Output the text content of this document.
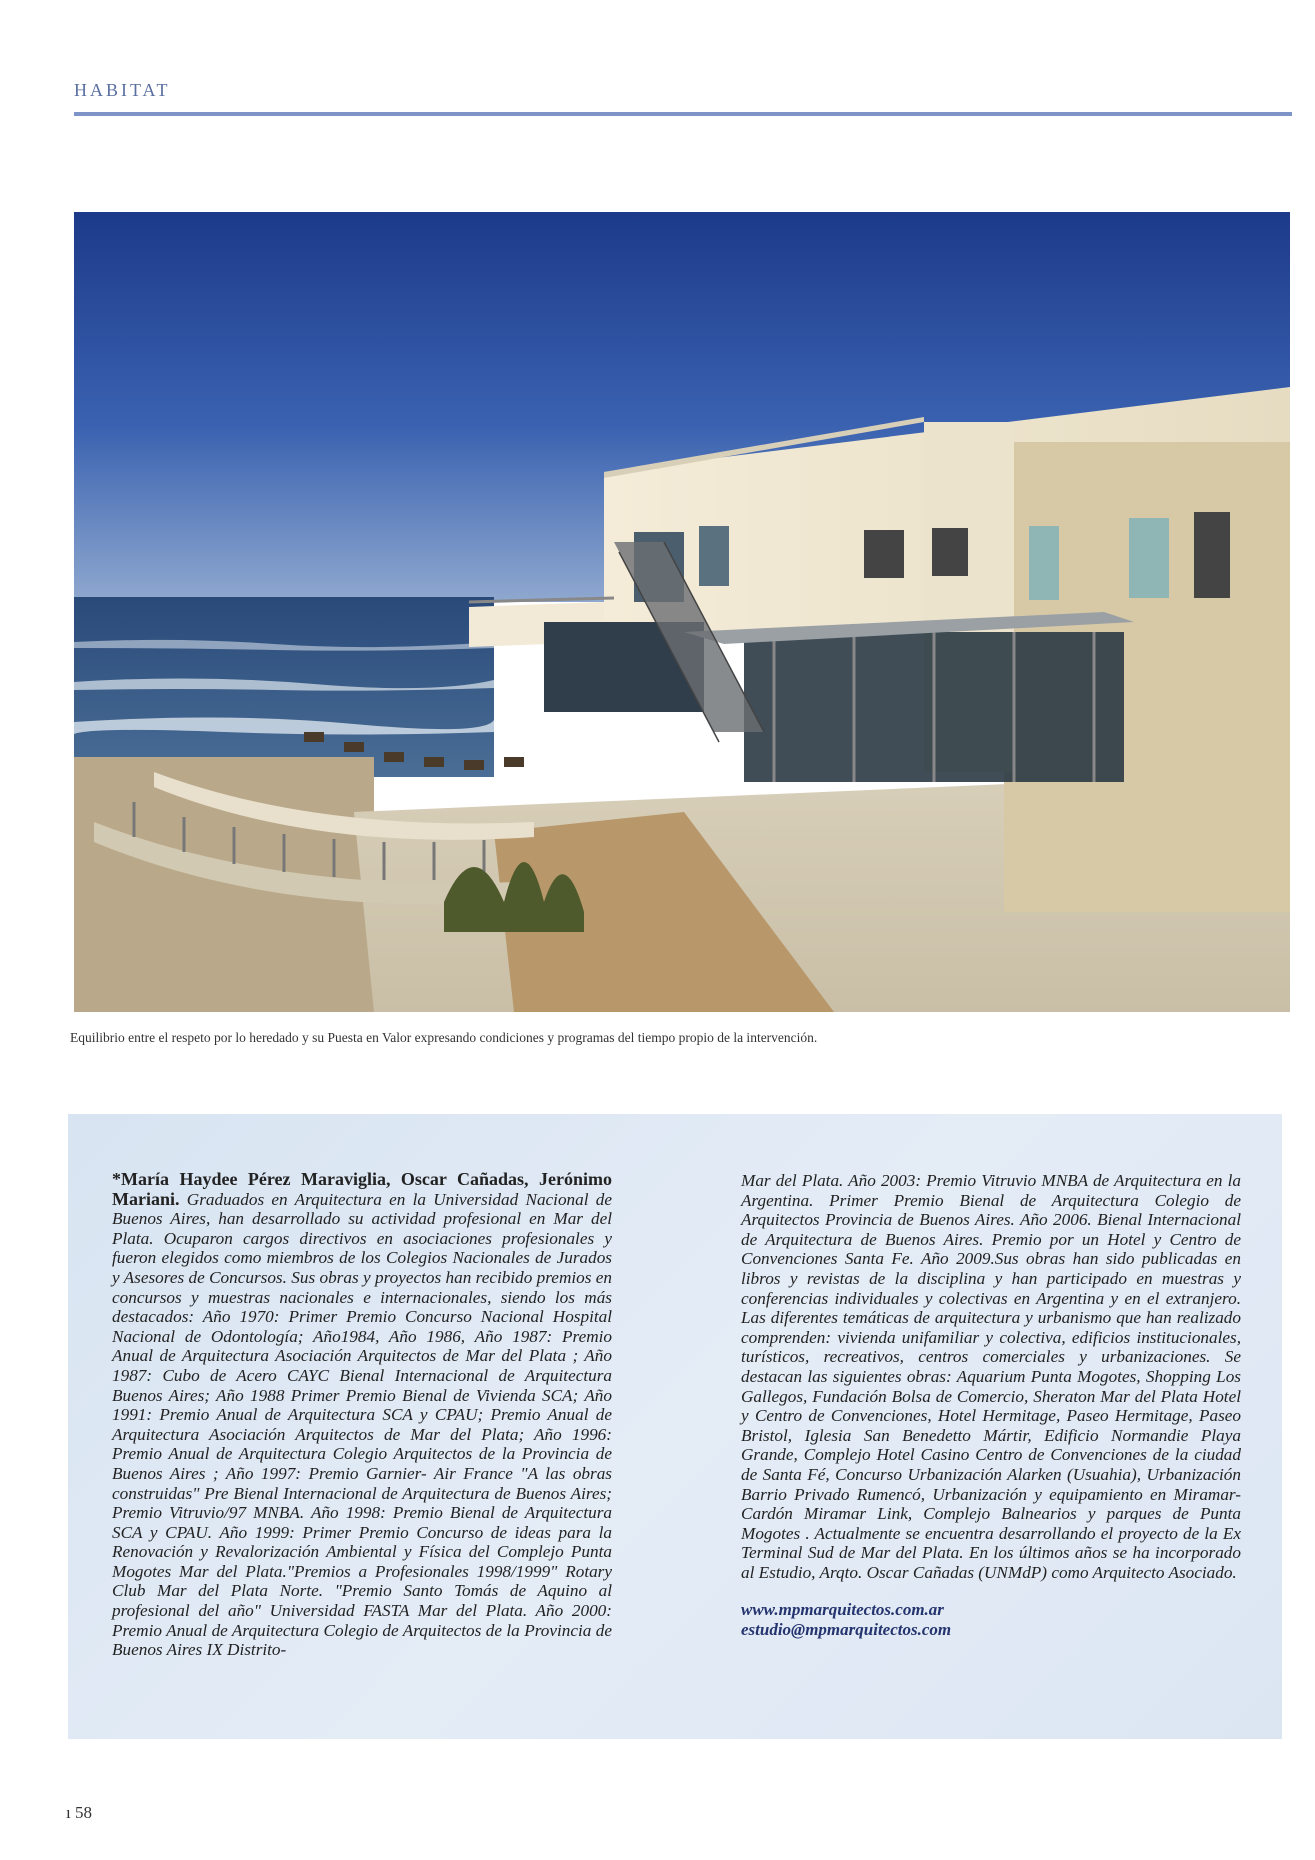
HABITAT
Equilibrio entre el respeto por lo heredado y su Puesta en Valor expresando condiciones y programas del tiempo propio de la intervención.
*María Haydee Pérez Maraviglia, Oscar Cañadas, Jerónimo Mariani. Graduados en Arquitectura en la Universidad Nacional de Buenos Aires, han desarrollado su actividad profesional en Mar del Plata. Ocuparon cargos directivos en asociaciones profesionales y fueron elegidos como miembros de los Colegios Nacionales de Jurados y Asesores de Concursos. Sus obras y proyectos han recibido premios en concursos y muestras nacionales e internacionales, siendo los más destacados: Año 1970: Primer Premio Concurso Nacional Hospital Nacional de Odontología; Año1984, Año 1986, Año 1987: Premio Anual de Arquitectura Asociación Arquitectos de Mar del Plata ; Año 1987: Cubo de Acero CAYC Bienal Internacional de Arquitectura Buenos Aires; Año 1988 Primer Premio Bienal de Vivienda SCA; Año 1991: Premio Anual de Arquitectura SCA y CPAU; Premio Anual de Arquitectura Asociación Arquitectos de Mar del Plata; Año 1996: Premio Anual de Arquitectura Colegio Arquitectos de la Provincia de Buenos Aires ; Año 1997: Premio Garnier- Air France "A las obras construidas" Pre Bienal Internacional de Arquitectura de Buenos Aires; Premio Vitruvio/97 MNBA. Año 1998: Premio Bienal de Arquitectura SCA y CPAU. Año 1999: Primer Premio Concurso de ideas para la Renovación y Revalorización Ambiental y Física del Complejo Punta Mogotes Mar del Plata."Premios a Profesionales 1998/1999" Rotary Club Mar del Plata Norte. "Premio Santo Tomás de Aquino al profesional del año" Universidad FASTA Mar del Plata. Año 2000: Premio Anual de Arquitectura Colegio de Arquitectos de la Provincia de Buenos Aires IX Distrito-
Mar del Plata. Año 2003: Premio Vitruvio MNBA de Arquitectura en la Argentina. Primer Premio Bienal de Arquitectura Colegio de Arquitectos Provincia de Buenos Aires. Año 2006. Bienal Internacional de Arquitectura de Buenos Aires. Premio por un Hotel y Centro de Convenciones Santa Fe. Año 2009.Sus obras han sido publicadas en libros y revistas de la disciplina y han participado en muestras y conferencias individuales y colectivas en Argentina y en el extranjero. Las diferentes temáticas de arquitectura y urbanismo que han realizado comprenden: vivienda unifamiliar y colectiva, edificios institucionales, turísticos, recreativos, centros comerciales y urbanizaciones. Se destacan las siguientes obras: Aquarium Punta Mogotes, Shopping Los Gallegos, Fundación Bolsa de Comercio, Sheraton Mar del Plata Hotel y Centro de Convenciones, Hotel Hermitage, Paseo Hermitage, Paseo Bristol, Iglesia San Benedetto Mártir, Edificio Normandie Playa Grande, Complejo Hotel Casino Centro de Convenciones de la ciudad de Santa Fé, Concurso Urbanización Alarken (Usuahia), Urbanización Barrio Privado Rumencó, Urbanización y equipamiento en Miramar-Cardón Miramar Link, Complejo Balnearios y parques de Punta Mogotes . Actualmente se encuentra desarrollando el proyecto de la Ex Terminal Sud de Mar del Plata. En los últimos años se ha incorporado al Estudio, Arqto. Oscar Cañadas (UNMdP) como Arquitecto Asociado.
www.mpmarquitectos.com.ar
estudio@mpmarquitectos.com
ı 58
